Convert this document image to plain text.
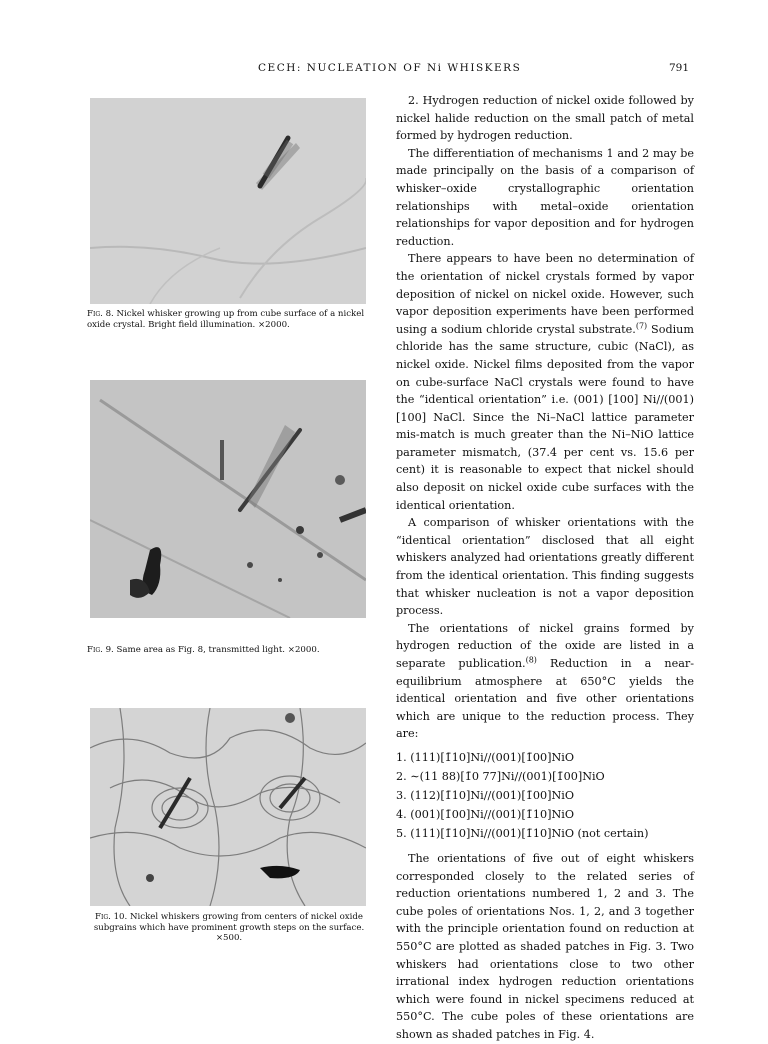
CECH: NUCLEATION OF Ni WHISKERS	791
Fig. 8. Nickel whisker growing up from cube surface of a nickel oxide crystal. Bright field illumination. ×2000.
Fig. 9. Same area as Fig. 8, transmitted light. ×2000.
Fig. 10. Nickel whiskers growing from centers of nickel oxide subgrains which have prominent growth steps on the surface. ×500.

2. Hydrogen reduction of nickel oxide followed by nickel halide reduction on the small patch of metal formed by hydrogen reduction.

The differentiation of mechanisms 1 and 2 may be made principally on the basis of a comparison of whisker–oxide crystallographic orientation relationships with metal–oxide orientation relationships for vapor deposition and for hydrogen reduction.

There appears to have been no determination of the orientation of nickel crystals formed by vapor deposition of nickel on nickel oxide. However, such vapor deposition experiments have been performed using a sodium chloride crystal substrate.$^{(7)}$ Sodium chloride has the same structure, cubic (NaCl), as nickel oxide. Nickel films deposited from the vapor on cube-surface NaCl crystals were found to have the “identical orientation” i.e. (001) [100] Ni//(001) [100] NaCl. Since the Ni–NaCl lattice parameter mis-match is much greater than the Ni–NiO lattice parameter mismatch, (37.4 per cent vs. 15.6 per cent) it is reasonable to expect that nickel should also deposit on nickel oxide cube surfaces with the identical orientation.

A comparison of whisker orientations with the “identical orientation” disclosed that all eight whiskers analyzed had orientations greatly different from the identical orientation. This finding suggests that whisker nucleation is not a vapor deposition process.

The orientations of nickel grains formed by hydrogen reduction of the oxide are listed in a separate publication.$^{(8)}$ Reduction in a near-equilibrium atmosphere at 650°C yields the identical orientation and five other orientations which are unique to the reduction process. They are:

1. (111)[1̄10]Ni//(001)[1̄00]NiO
2. ∼(11 88)[1̄0 77]Ni//(001)[1̄00]NiO
3. (112)[1̄10]Ni//(001)[1̄00]NiO
4. (001)[1̄00]Ni//(001)[1̄10]NiO
5. (111)[1̄10]Ni//(001)[1̄10]NiO (not certain)

The orientations of five out of eight whiskers corresponded closely to the related series of reduction orientations numbered 1, 2 and 3. The cube poles of orientations Nos. 1, 2, and 3 together with the principle orientation found on reduction at 550°C are plotted as shaded patches in Fig. 3. Two whiskers had orientations close to two other irrational index hydrogen reduction orientations which were found in nickel specimens reduced at 550°C. The cube poles of these orientations are shown as shaded patches in Fig. 4.
